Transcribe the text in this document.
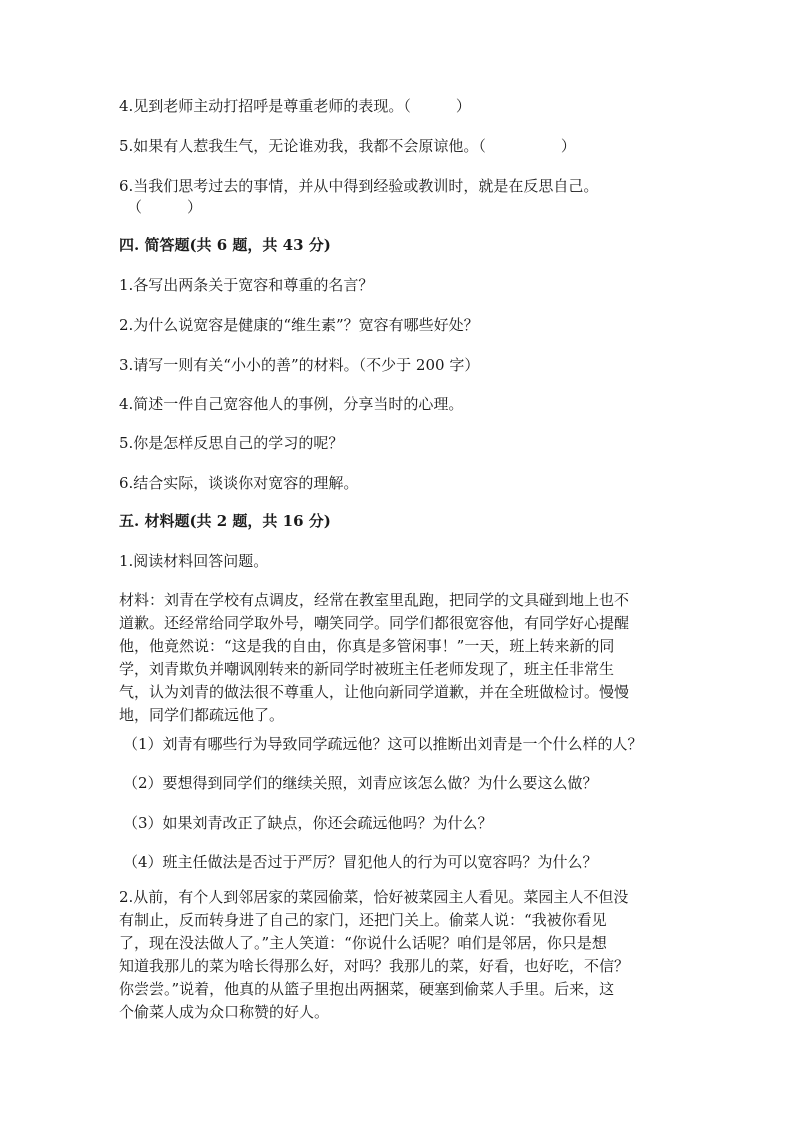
4.见到老师主动打招呼是尊重老师的表现。（　　　）
5.如果有人惹我生气，无论谁劝我，我都不会原谅他。（　　　　　）
6.当我们思考过去的事情，并从中得到经验或教训时，就是在反思自己。
（　　　）
四. 简答题(共 6 题，共 43 分)
1.各写出两条关于宽容和尊重的名言？
2.为什么说宽容是健康的“维生素”？宽容有哪些好处？
3.请写一则有关“小小的善”的材料。（不少于 200 字）
4.简述一件自己宽容他人的事例，分享当时的心理。
5.你是怎样反思自己的学习的呢？
6.结合实际，谈谈你对宽容的理解。
五. 材料题(共 2 题，共 16 分)
1.阅读材料回答问题。
材料：刘青在学校有点调皮，经常在教室里乱跑，把同学的文具碰到地上也不
道歉。还经常给同学取外号，嘲笑同学。同学们都很宽容他，有同学好心提醒
他，他竟然说：“这是我的自由，你真是多管闲事！”一天，班上转来新的同
学，刘青欺负并嘲讽刚转来的新同学时被班主任老师发现了，班主任非常生
气，认为刘青的做法很不尊重人，让他向新同学道歉，并在全班做检讨。慢慢
地，同学们都疏远他了。
（1）刘青有哪些行为导致同学疏远他？这可以推断出刘青是一个什么样的人？
（2）要想得到同学们的继续关照，刘青应该怎么做？为什么要这么做？
（3）如果刘青改正了缺点，你还会疏远他吗？为什么？
（4）班主任做法是否过于严厉？冒犯他人的行为可以宽容吗？为什么？
2.从前，有个人到邻居家的菜园偷菜，恰好被菜园主人看见。菜园主人不但没
有制止，反而转身进了自己的家门，还把门关上。偷菜人说：“我被你看见
了，现在没法做人了。”主人笑道：“你说什么话呢？咱们是邻居，你只是想
知道我那儿的菜为啥长得那么好，对吗？我那儿的菜，好看，也好吃，不信？
你尝尝。”说着，他真的从篮子里抱出两捆菜，硬塞到偷菜人手里。后来，这
个偷菜人成为众口称赞的好人。
